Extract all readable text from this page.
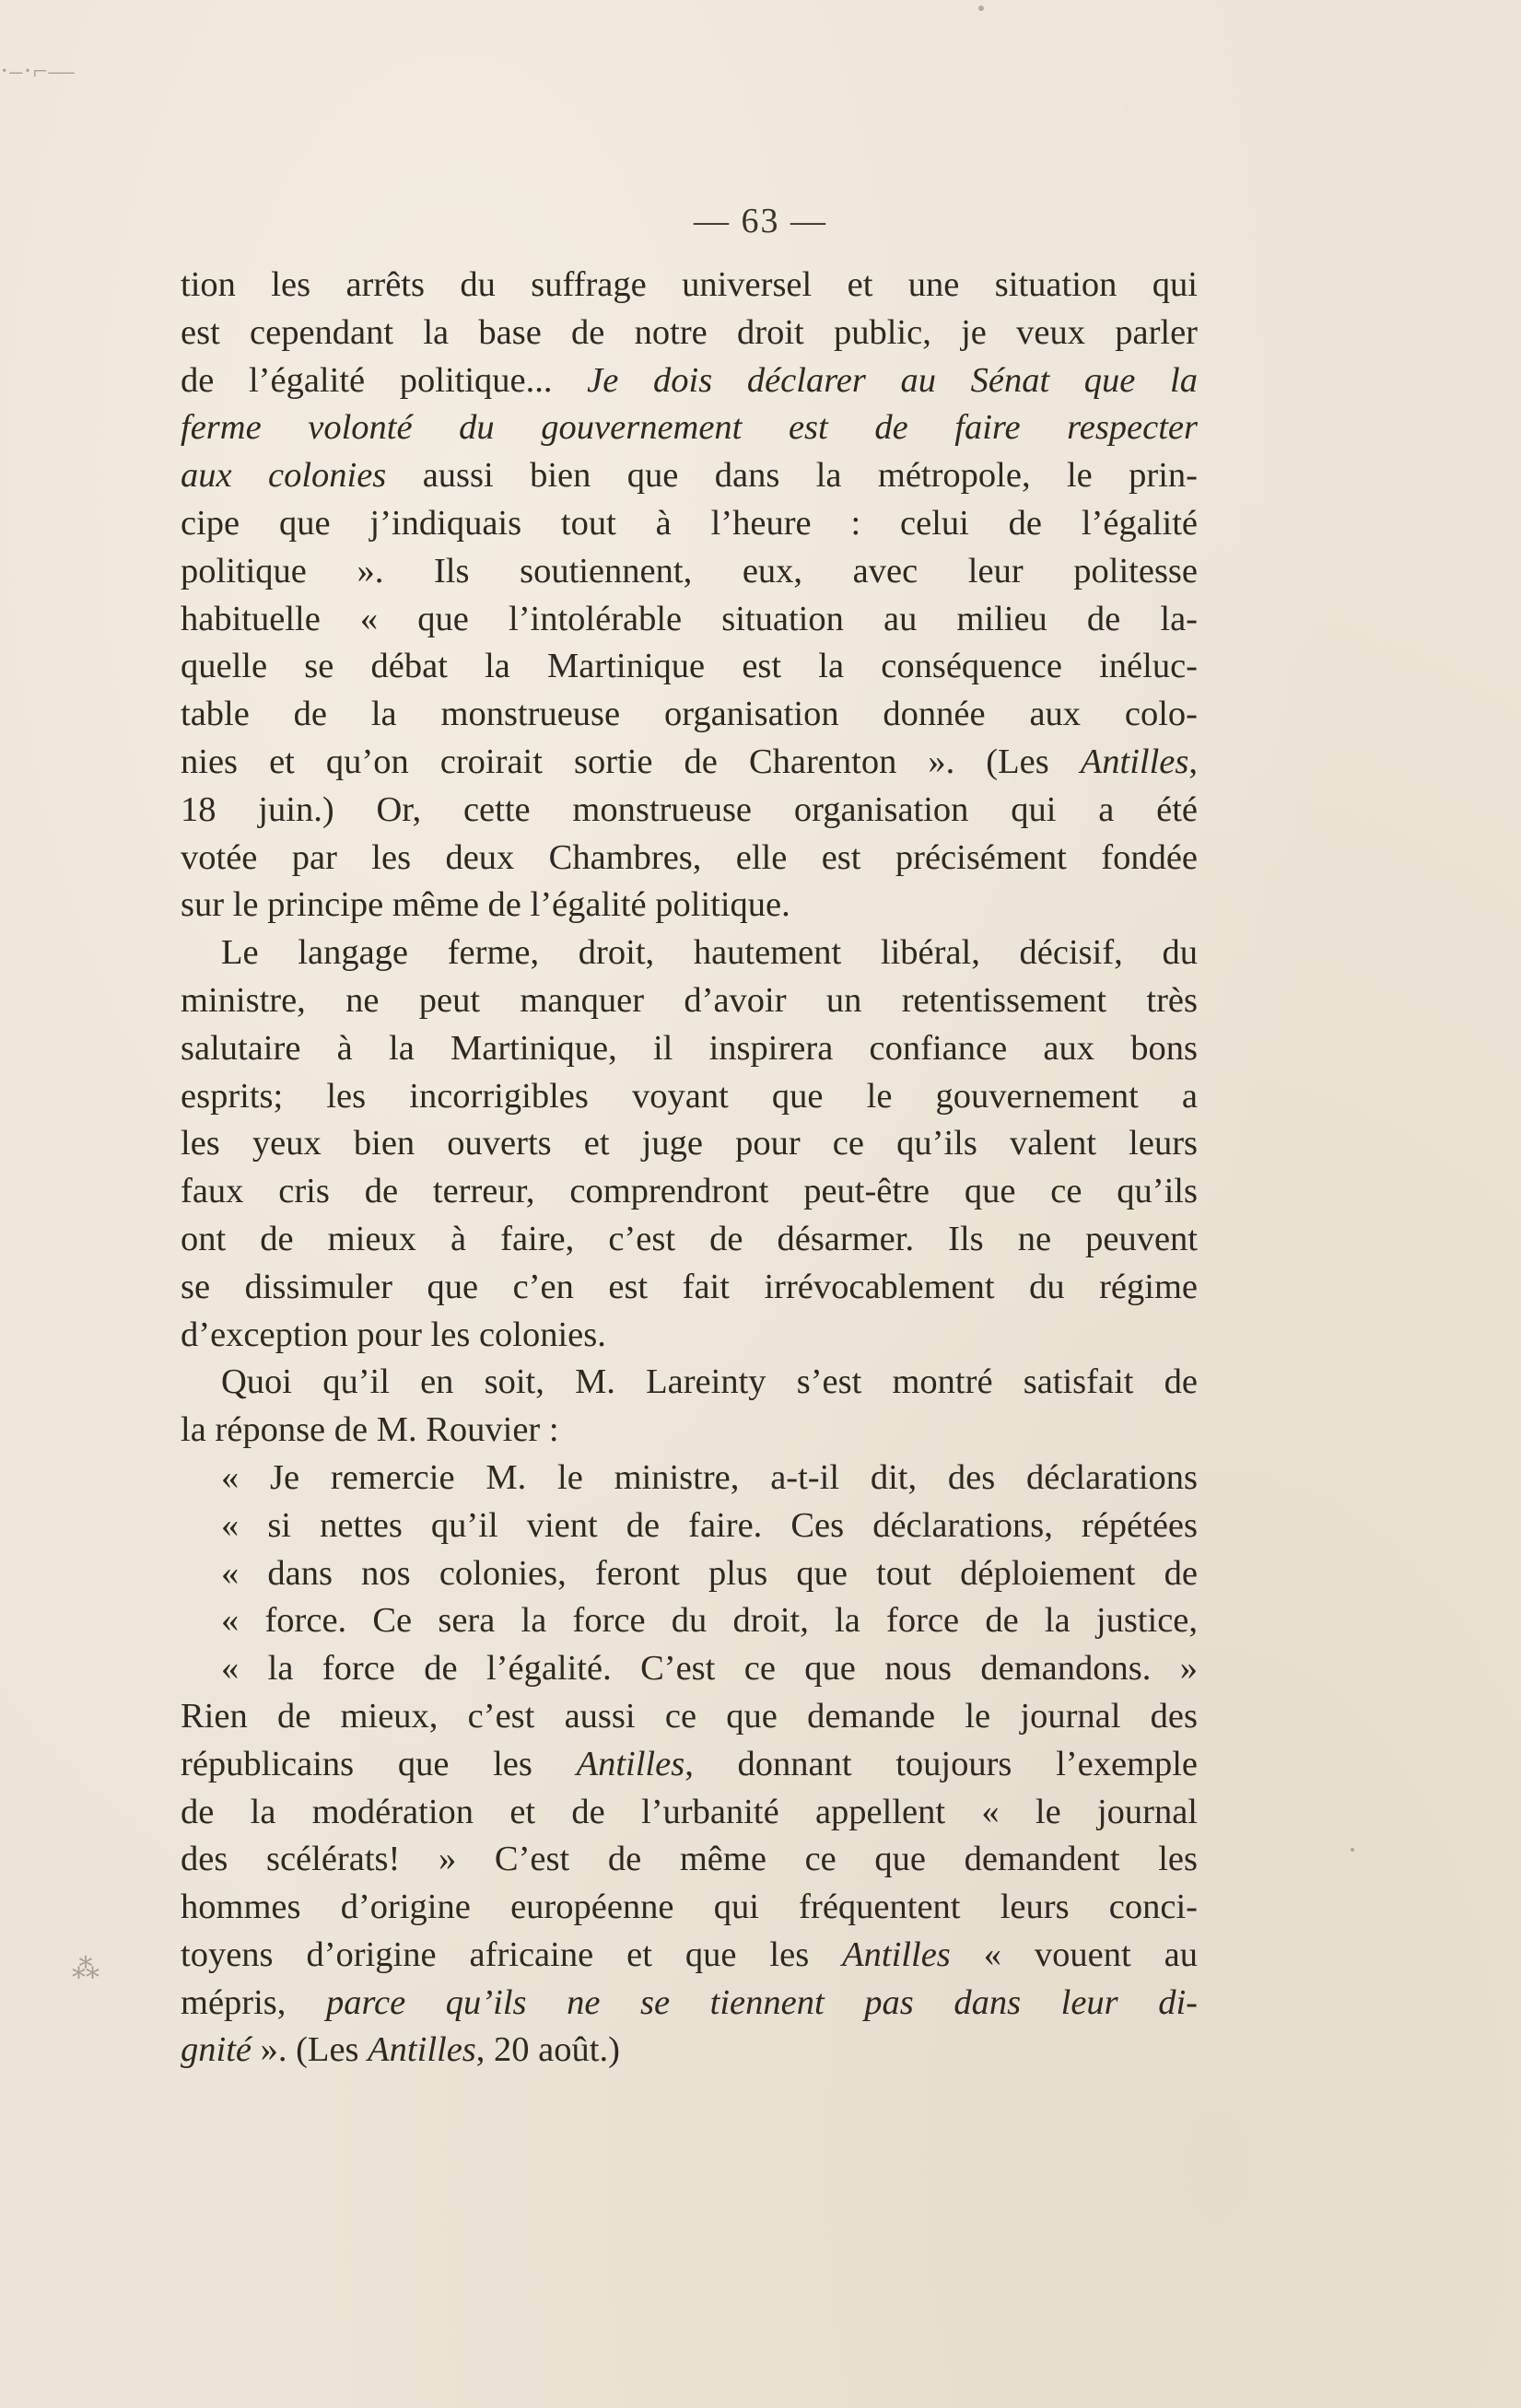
·–·⌐—
⁂
— 63 —
tion les arrêts du suffrage universel et une situation qui
est cependant la base de notre droit public, je veux parler
de l’égalité politique... Je dois déclarer au Sénat que la
ferme volonté du gouvernement est de faire respecter
aux colonies aussi bien que dans la métropole, le prin-
cipe que j’indiquais tout à l’heure : celui de l’égalité
politique ». Ils soutiennent, eux, avec leur politesse
habituelle « que l’intolérable situation au milieu de la-
quelle se débat la Martinique est la conséquence inéluc-
table de la monstrueuse organisation donnée aux colo-
nies et qu’on croirait sortie de Charenton ». (Les Antilles,
18 juin.) Or, cette monstrueuse organisation qui a été
votée par les deux Chambres, elle est précisément fondée
sur le principe même de l’égalité politique.
Le langage ferme, droit, hautement libéral, décisif, du
ministre, ne peut manquer d’avoir un retentissement très
salutaire à la Martinique, il inspirera confiance aux bons
esprits; les incorrigibles voyant que le gouvernement a
les yeux bien ouverts et juge pour ce qu’ils valent leurs
faux cris de terreur, comprendront peut-être que ce qu’ils
ont de mieux à faire, c’est de désarmer. Ils ne peuvent
se dissimuler que c’en est fait irrévocablement du régime
d’exception pour les colonies.
Quoi qu’il en soit, M. Lareinty s’est montré satisfait de
la réponse de M. Rouvier :
« Je remercie M. le ministre, a-t-il dit, des déclarations
« si nettes qu’il vient de faire. Ces déclarations, répétées
« dans nos colonies, feront plus que tout déploiement de
« force. Ce sera la force du droit, la force de la justice,
« la force de l’égalité. C’est ce que nous demandons. »
Rien de mieux, c’est aussi ce que demande le journal des
républicains que les Antilles, donnant toujours l’exemple
de la modération et de l’urbanité appellent « le journal
des scélérats! » C’est de même ce que demandent les
hommes d’origine européenne qui fréquentent leurs conci-
toyens d’origine africaine et que les Antilles « vouent au
mépris, parce qu’ils ne se tiennent pas dans leur di-
gnité ». (Les Antilles, 20 août.)
